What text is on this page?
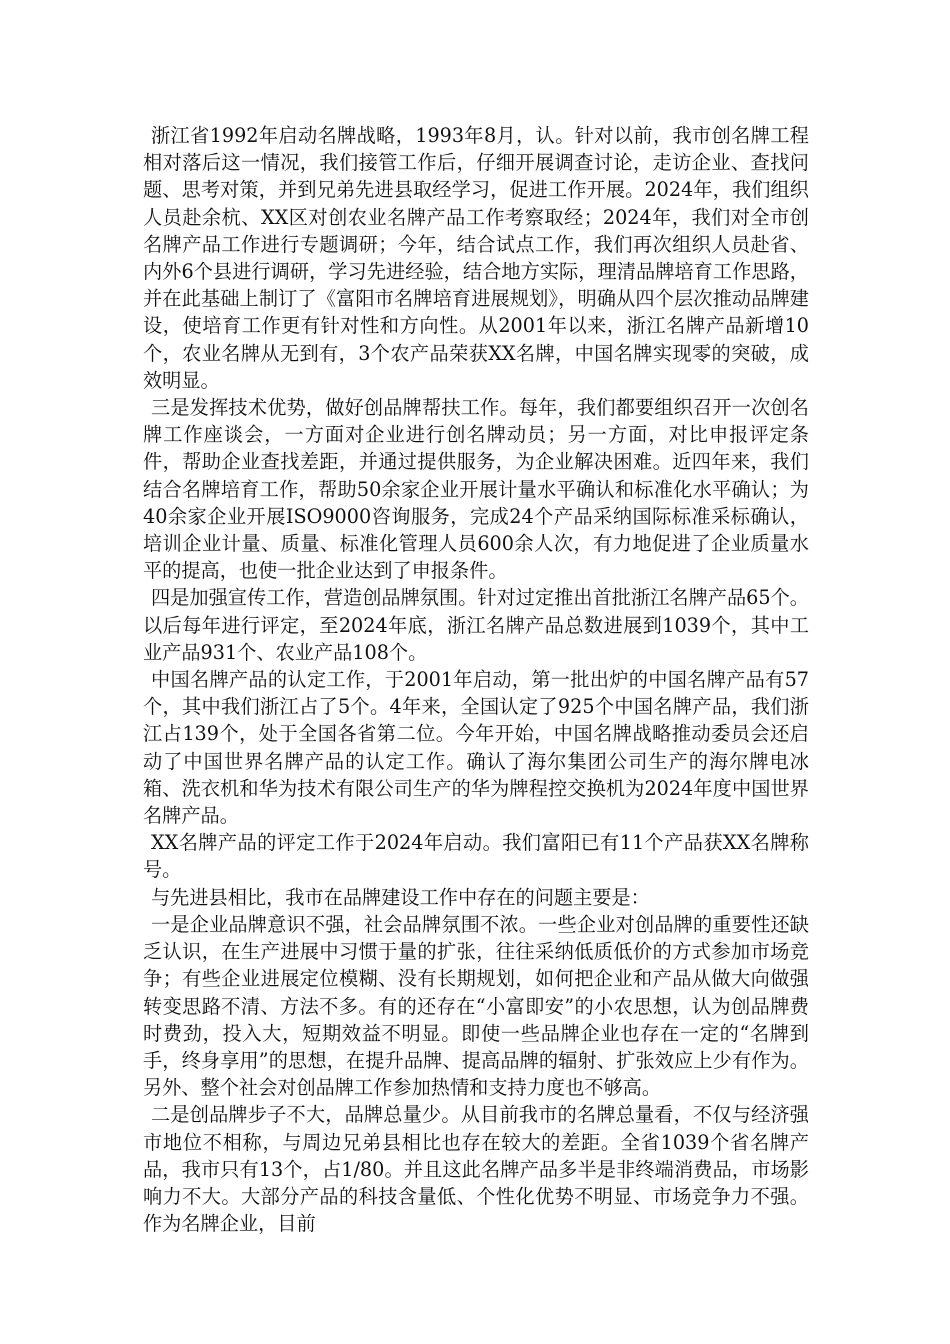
浙江省1992年启动名牌战略，1993年8月，认。针对以前，我市创名牌工程相对落后这一情况，我们接管工作后，仔细开展调查讨论，走访企业、查找问题、思考对策，并到兄弟先进县取经学习，促进工作开展。2024年，我们组织人员赴余杭、XX区对创农业名牌产品工作考察取经；2024年，我们对全市创名牌产品工作进行专题调研；今年，结合试点工作，我们再次组织人员赴省、内外6个县进行调研，学习先进经验，结合地方实际，理清品牌培育工作思路，并在此基础上制订了《富阳市名牌培育进展规划》，明确从四个层次推动品牌建设，使培育工作更有针对性和方向性。从2001年以来，浙江名牌产品新增10个，农业名牌从无到有，3个农产品荣获XX名牌，中国名牌实现零的突破，成效明显。

三是发挥技术优势，做好创品牌帮扶工作。每年，我们都要组织召开一次创名牌工作座谈会，一方面对企业进行创名牌动员；另一方面，对比申报评定条件，帮助企业查找差距，并通过提供服务，为企业解决困难。近四年来，我们结合名牌培育工作，帮助50余家企业开展计量水平确认和标准化水平确认；为40余家企业开展ISO9000咨询服务，完成24个产品采纳国际标准采标确认，培训企业计量、质量、标准化管理人员600余人次，有力地促进了企业质量水平的提高，也使一批企业达到了申报条件。

四是加强宣传工作，营造创品牌氛围。针对过定推出首批浙江名牌产品65个。以后每年进行评定，至2024年底，浙江名牌产品总数进展到1039个，其中工业产品931个、农业产品108个。

中国名牌产品的认定工作，于2001年启动，第一批出炉的中国名牌产品有57个，其中我们浙江占了5个。4年来，全国认定了925个中国名牌产品，我们浙江占139个，处于全国各省第二位。今年开始，中国名牌战略推动委员会还启动了中国世界名牌产品的认定工作。确认了海尔集团公司生产的海尔牌电冰箱、洗衣机和华为技术有限公司生产的华为牌程控交换机为2024年度中国世界名牌产品。

XX名牌产品的评定工作于2024年启动。我们富阳已有11个产品获XX名牌称号。

与先进县相比，我市在品牌建设工作中存在的问题主要是：

一是企业品牌意识不强，社会品牌氛围不浓。一些企业对创品牌的重要性还缺乏认识，在生产进展中习惯于量的扩张，往往采纳低质低价的方式参加市场竞争；有些企业进展定位模糊、没有长期规划，如何把企业和产品从做大向做强转变思路不清、方法不多。有的还存在“小富即安”的小农思想，认为创品牌费时费劲，投入大，短期效益不明显。即使一些品牌企业也存在一定的“名牌到手，终身享用”的思想，在提升品牌、提高品牌的辐射、扩张效应上少有作为。另外、整个社会对创品牌工作参加热情和支持力度也不够高。

二是创品牌步子不大，品牌总量少。从目前我市的名牌总量看，不仅与经济强市地位不相称，与周边兄弟县相比也存在较大的差距。全省1039个省名牌产品，我市只有13个，占1/80。并且这此名牌产品多半是非终端消费品，市场影响力不大。大部分产品的科技含量低、个性化优势不明显、市场竞争力不强。作为名牌企业，目前
